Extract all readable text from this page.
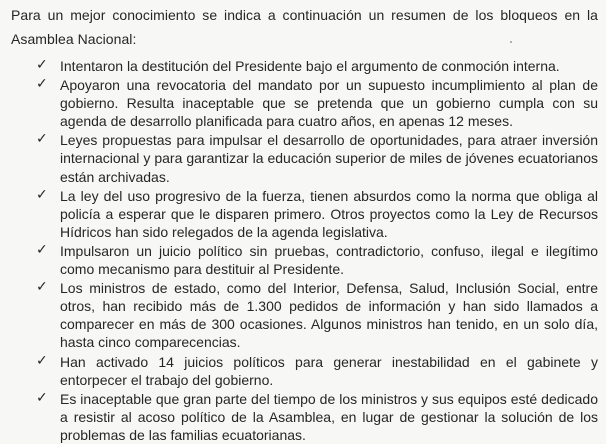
Para un mejor conocimiento se indica a continuación un resumen de los bloqueos en la Asamblea Nacional:

✓ Intentaron la destitución del Presidente bajo el argumento de conmoción interna.
✓ Apoyaron una revocatoria del mandato por un supuesto incumplimiento al plan de gobierno. Resulta inaceptable que se pretenda que un gobierno cumpla con su agenda de desarrollo planificada para cuatro años, en apenas 12 meses.
✓ Leyes propuestas para impulsar el desarrollo de oportunidades, para atraer inversión internacional y para garantizar la educación superior de miles de jóvenes ecuatorianos están archivadas.
✓ La ley del uso progresivo de la fuerza, tienen absurdos como la norma que obliga al policía a esperar que le disparen primero. Otros proyectos como la Ley de Recursos Hídricos han sido relegados de la agenda legislativa.
✓ Impulsaron un juicio político sin pruebas, contradictorio, confuso, ilegal e ilegítimo como mecanismo para destituir al Presidente.
✓ Los ministros de estado, como del Interior, Defensa, Salud, Inclusión Social, entre otros, han recibido más de 1.300 pedidos de información y han sido llamados a comparecer en más de 300 ocasiones. Algunos ministros han tenido, en un solo día, hasta cinco comparecencias.
✓ Han activado 14 juicios políticos para generar inestabilidad en el gabinete y entorpecer el trabajo del gobierno.
✓ Es inaceptable que gran parte del tiempo de los ministros y sus equipos esté dedicado a resistir al acoso político de la Asamblea, en lugar de gestionar la solución de los problemas de las familias ecuatorianas.
